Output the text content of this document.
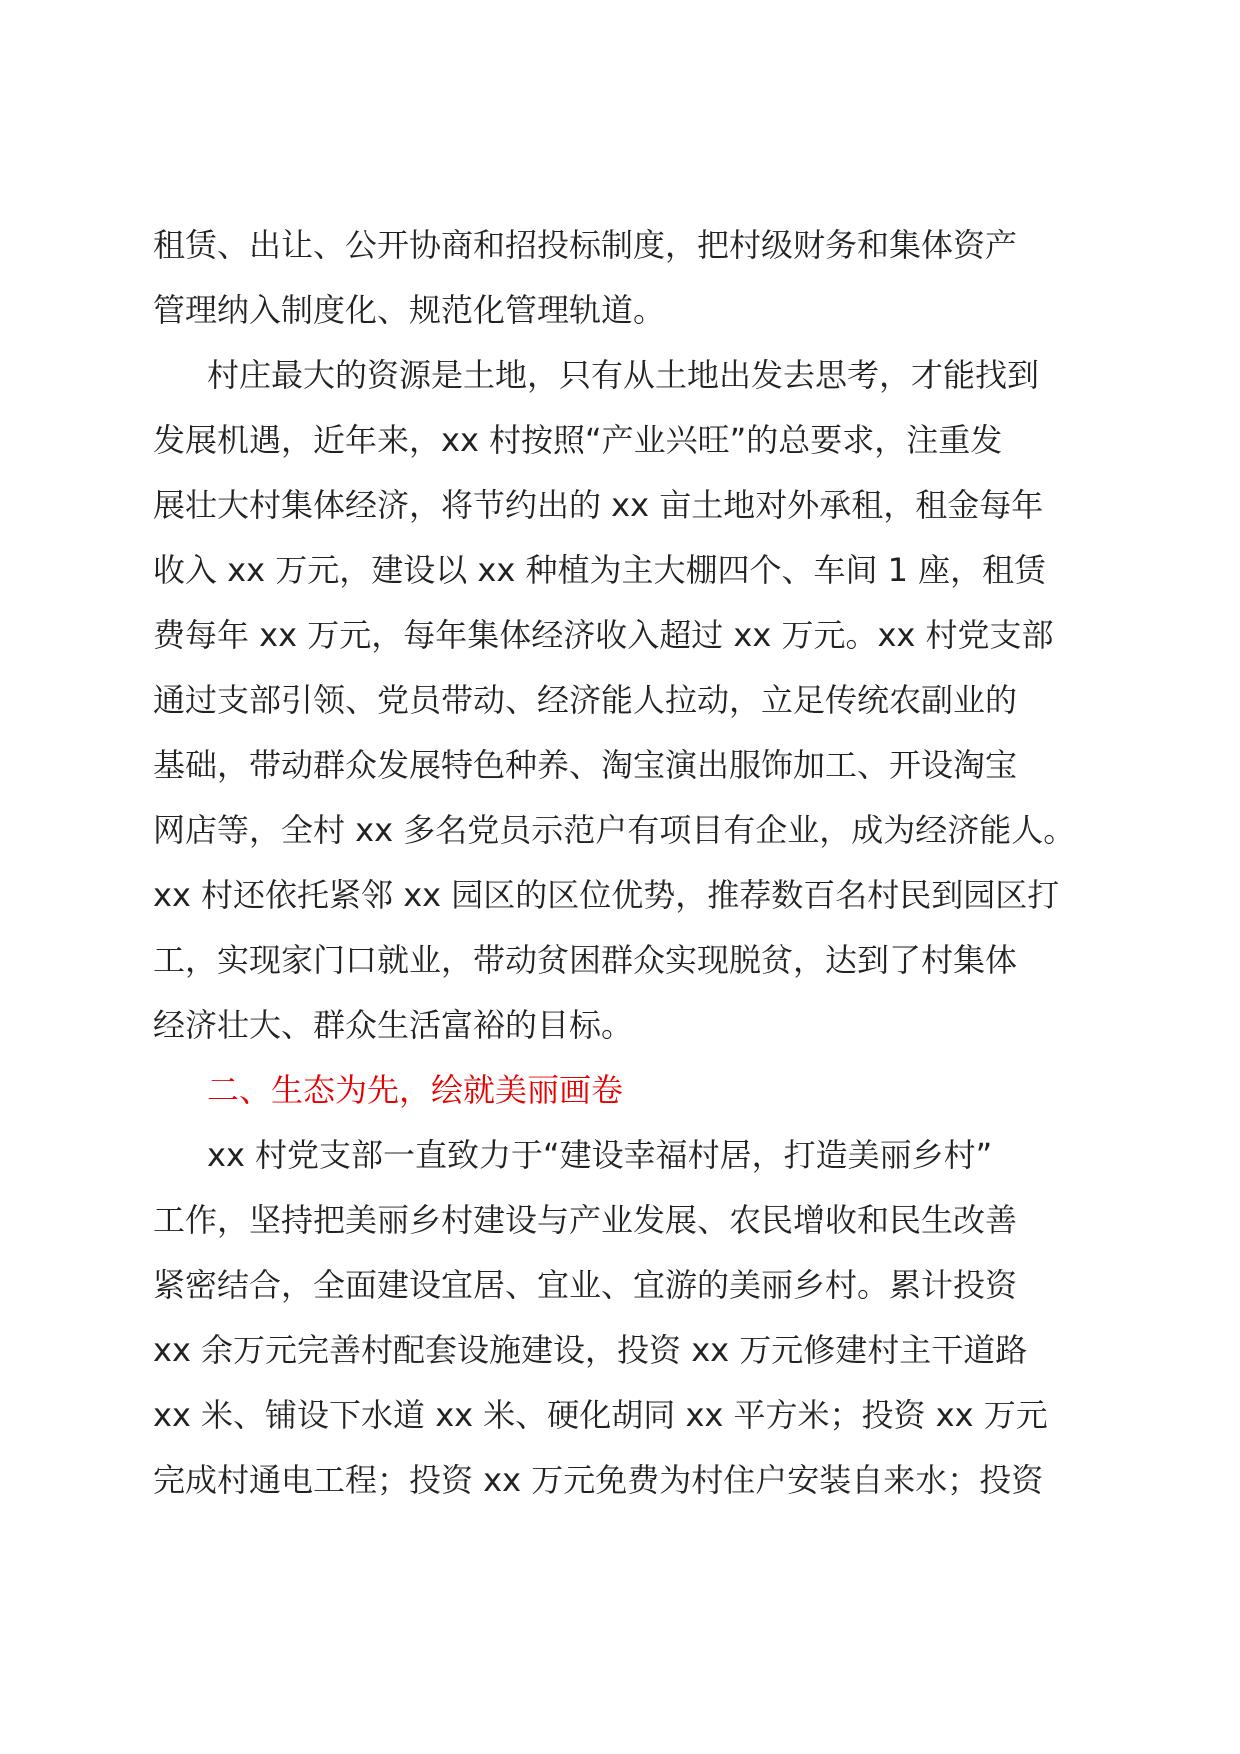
租赁、出让、公开协商和招投标制度，把村级财务和集体资产
管理纳入制度化、规范化管理轨道。
村庄最大的资源是土地，只有从土地出发去思考，才能找到
发展机遇，近年来，xx 村按照“产业兴旺”的总要求，注重发
展壮大村集体经济，将节约出的 xx 亩土地对外承租，租金每年
收入 xx 万元，建设以 xx 种植为主大棚四个、车间 1 座，租赁
费每年 xx 万元，每年集体经济收入超过 xx 万元。xx 村党支部
通过支部引领、党员带动、经济能人拉动，立足传统农副业的
基础，带动群众发展特色种养、淘宝演出服饰加工、开设淘宝
网店等，全村 xx 多名党员示范户有项目有企业，成为经济能人。
xx 村还依托紧邻 xx 园区的区位优势，推荐数百名村民到园区打
工，实现家门口就业，带动贫困群众实现脱贫，达到了村集体
经济壮大、群众生活富裕的目标。
二、生态为先，绘就美丽画卷
xx 村党支部一直致力于“建设幸福村居，打造美丽乡村”
工作，坚持把美丽乡村建设与产业发展、农民增收和民生改善
紧密结合，全面建设宜居、宜业、宜游的美丽乡村。累计投资
xx 余万元完善村配套设施建设，投资 xx 万元修建村主干道路
xx 米、铺设下水道 xx 米、硬化胡同 xx 平方米；投资 xx 万元
完成村通电工程；投资 xx 万元免费为村住户安装自来水；投资
